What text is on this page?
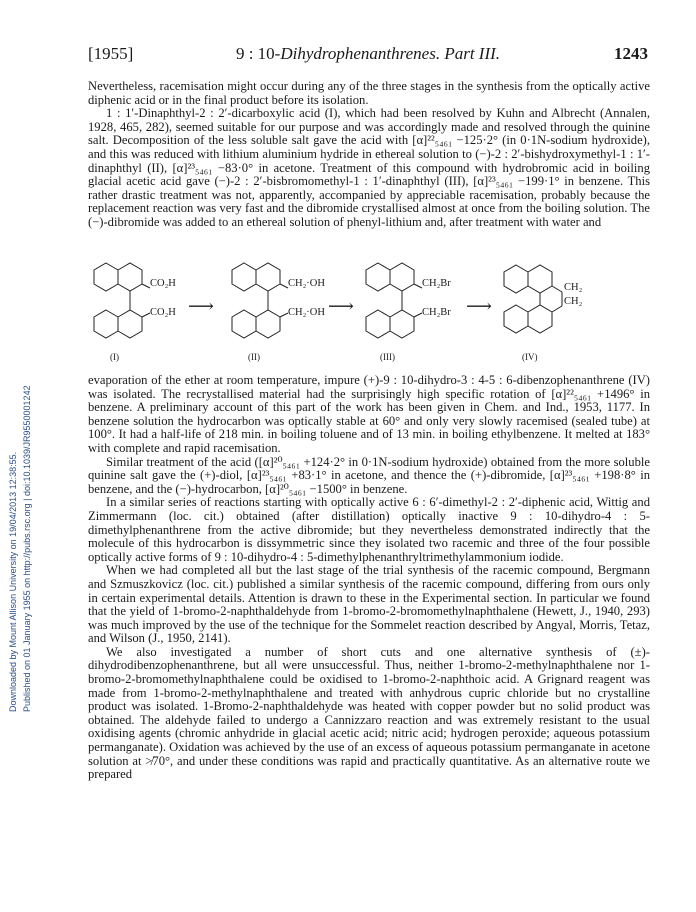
[1955]	9 : 10-Dihydrophenanthrenes. Part III.	1243
Downloaded by Mount Allison University on 19/04/2013 12:38:55. Published on 01 January 1955 on http://pubs.rsc.org | doi:10.1039/JR9550001242

Nevertheless, racemisation might occur during any of the three stages in the synthesis from the optically active diphenic acid or in the final product before its isolation.

1 : 1′-Dinaphthyl-2 : 2′-dicarboxylic acid (I), which had been resolved by Kuhn and Albrecht (Annalen, 1928, 465, 282), seemed suitable for our purpose and was accordingly made and resolved through the quinine salt. Decomposition of the less soluble salt gave the acid with [α]²²₅₄₆₁ −125·2° (in 0·1N-sodium hydroxide), and this was reduced with lithium aluminium hydride in ethereal solution to (−)-2 : 2′-bishydroxymethyl-1 : 1′-dinaphthyl (II), [α]²³₅₄₆₁ −83·0° in acetone. Treatment of this compound with hydrobromic acid in boiling glacial acetic acid gave (−)-2 : 2′-bisbromomethyl-1 : 1′-dinaphthyl (III), [α]²³₅₄₆₁ −199·1° in benzene. This rather drastic treatment was not, apparently, accompanied by appreciable racemisation, probably because the replacement reaction was very fast and the dibromide crystallised almost at once from the boiling solution. The (−)-dibromide was added to an ethereal solution of phenyl-lithium and, after treatment with water and

CO₂H
CO₂H
(I)
⟶
CH₂·OH
CH₂·OH
(II)
⟶
CH₂Br
CH₂Br
(III)
⟶
CH₂
CH₂
(IV)

evaporation of the ether at room temperature, impure (+)-9 : 10-dihydro-3 : 4-5 : 6-dibenzophenanthrene (IV) was isolated. The recrystallised material had the surprisingly high specific rotation of [α]²²₅₄₆₁ +1496° in benzene. A preliminary account of this part of the work has been given in Chem. and Ind., 1953, 1177. In benzene solution the hydrocarbon was optically stable at 60° and only very slowly racemised (sealed tube) at 100°. It had a half-life of 218 min. in boiling toluene and of 13 min. in boiling ethylbenzene. It melted at 183° with complete and rapid racemisation.

Similar treatment of the acid ([α]²⁰₅₄₆₁ +124·2° in 0·1N-sodium hydroxide) obtained from the more soluble quinine salt gave the (+)-diol, [α]²³₅₄₆₁ +83·1° in acetone, and thence the (+)-dibromide, [α]²³₅₄₆₁ +198·8° in benzene, and the (−)-hydrocarbon, [α]²⁰₅₄₆₁ −1500° in benzene.

In a similar series of reactions starting with optically active 6 : 6′-dimethyl-2 : 2′-diphenic acid, Wittig and Zimmermann (loc. cit.) obtained (after distillation) optically inactive 9 : 10-dihydro-4 : 5-dimethylphenanthrene from the active dibromide; but they nevertheless demonstrated indirectly that the molecule of this hydrocarbon is dissymmetric since they isolated two racemic and three of the four possible optically active forms of 9 : 10-dihydro-4 : 5-dimethylphenanthryltrimethylammonium iodide.

When we had completed all but the last stage of the trial synthesis of the racemic compound, Bergmann and Szmuszkovicz (loc. cit.) published a similar synthesis of the racemic compound, differing from ours only in certain experimental details. Attention is drawn to these in the Experimental section. In particular we found that the yield of 1-bromo-2-naphthaldehyde from 1-bromo-2-bromomethylnaphthalene (Hewett, J., 1940, 293) was much improved by the use of the technique for the Sommelet reaction described by Angyal, Morris, Tetaz, and Wilson (J., 1950, 2141).

We also investigated a number of short cuts and one alternative synthesis of (±)-dihydrodibenzophenanthrene, but all were unsuccessful. Thus, neither 1-bromo-2-methylnaphthalene nor 1-bromo-2-bromomethylnaphthalene could be oxidised to 1-bromo-2-naphthoic acid. A Grignard reagent was made from 1-bromo-2-methylnaphthalene and treated with anhydrous cupric chloride but no crystalline product was isolated. 1-Bromo-2-naphthaldehyde was heated with copper powder but no solid product was obtained. The aldehyde failed to undergo a Cannizzaro reaction and was extremely resistant to the usual oxidising agents (chromic anhydride in glacial acetic acid; nitric acid; hydrogen peroxide; aqueous potassium permanganate). Oxidation was achieved by the use of an excess of aqueous potassium permanganate in acetone solution at ≯70°, and under these conditions was rapid and practically quantitative. As an alternative route we prepared
